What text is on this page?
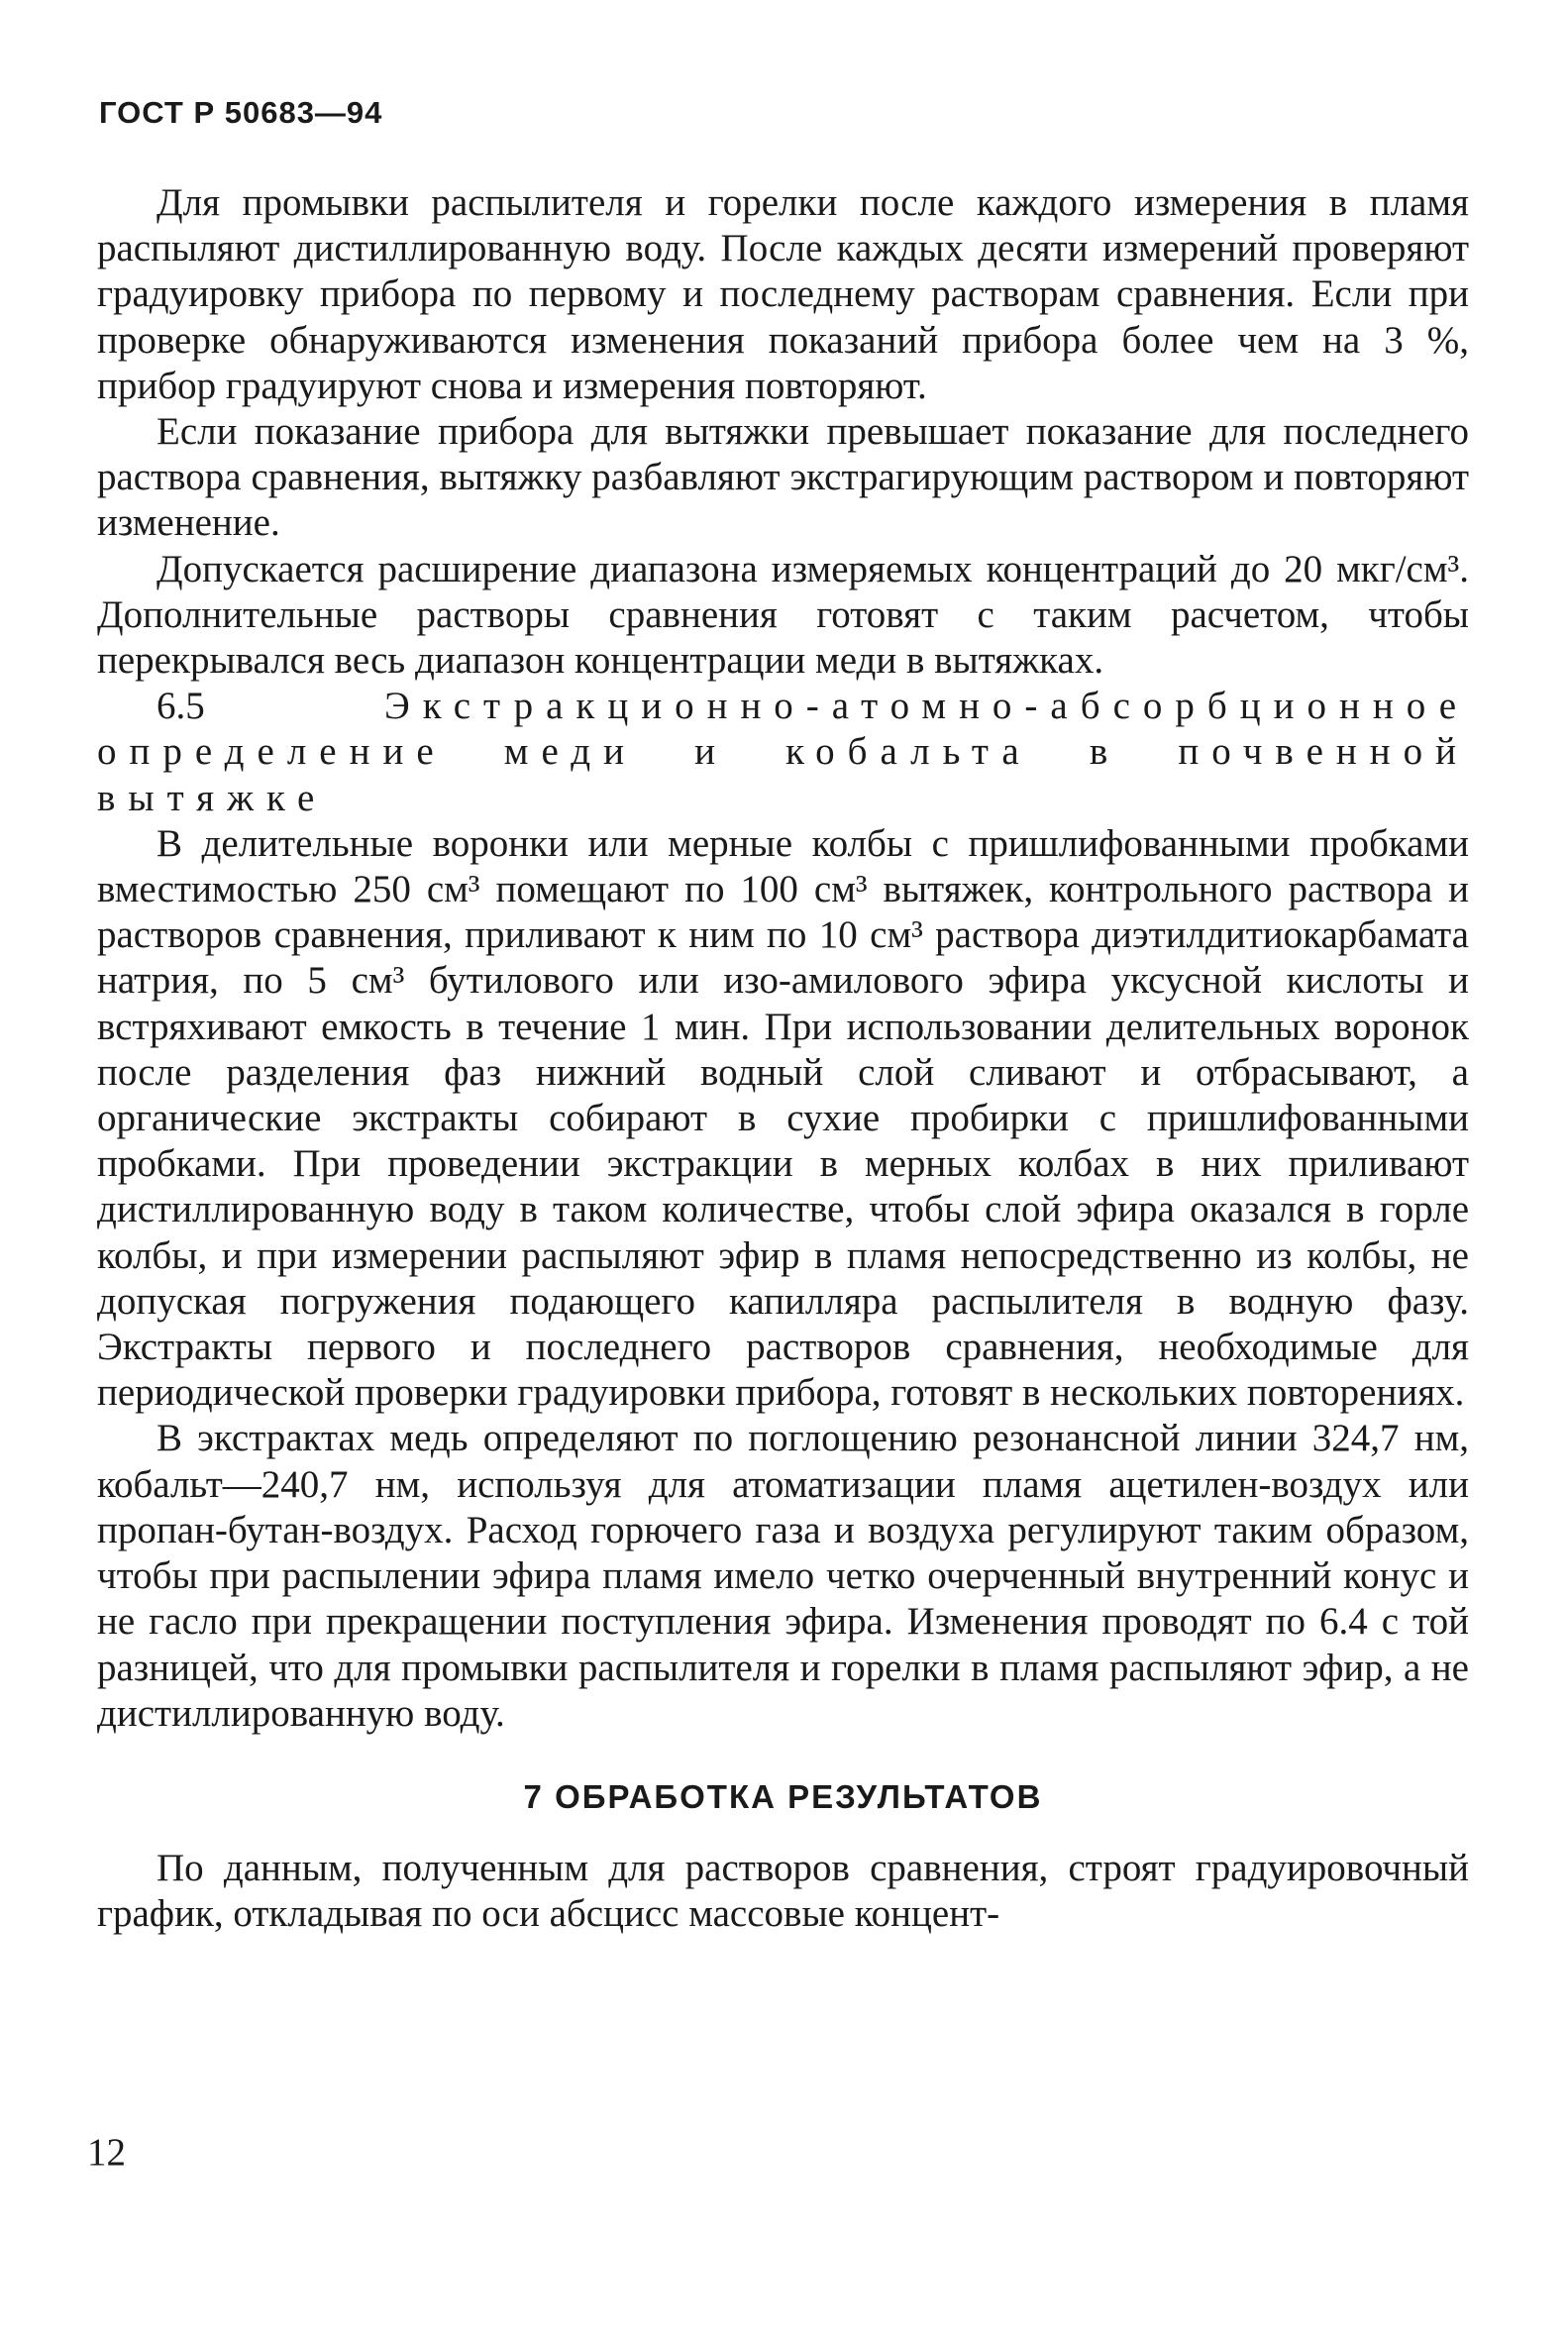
ГОСТ Р 50683—94

Для промывки распылителя и горелки после каждого измерения в пламя распыляют дистиллированную воду. После каждых десяти измерений проверяют градуировку прибора по первому и последнему растворам сравнения. Если при проверке обнаруживаются изменения показаний прибора более чем на 3 %, прибор градуируют снова и измерения повторяют.

Если показание прибора для вытяжки превышает показание для последнего раствора сравнения, вытяжку разбавляют экстрагирующим раствором и повторяют изменение.

Допускается расширение диапазона измеряемых концентраций до 20 мкг/см³. Дополнительные растворы сравнения готовят с таким расчетом, чтобы перекрывался весь диапазон концентрации меди в вытяжках.

6.5	Экстракционно-атомно-абсорбционное определение меди и кобальта в почвенной вытяжке

В делительные воронки или мерные колбы с пришлифованными пробками вместимостью 250 см³ помещают по 100 см³ вытяжек, контрольного раствора и растворов сравнения, приливают к ним по 10 см³ раствора диэтилдитиокарбамата натрия, по 5 см³ бутилового или изо-амилового эфира уксусной кислоты и встряхивают емкость в течение 1 мин. При использовании делительных воронок после разделения фаз нижний водный слой сливают и отбрасывают, а органические экстракты собирают в сухие пробирки с пришлифованными пробками. При проведении экстракции в мерных колбах в них приливают дистиллированную воду в таком количестве, чтобы слой эфира оказался в горле колбы, и при измерении распыляют эфир в пламя непосредственно из колбы, не допуская погружения подающего капилляра распылителя в водную фазу. Экстракты первого и последнего растворов сравнения, необходимые для периодической проверки градуировки прибора, готовят в нескольких повторениях.

В экстрактах медь определяют по поглощению резонансной линии 324,7 нм, кобальт—240,7 нм, используя для атоматизации пламя ацетилен-воздух или пропан-бутан-воздух. Расход горючего газа и воздуха регулируют таким образом, чтобы при распылении эфира пламя имело четко очерченный внутренний конус и не гасло при прекращении поступления эфира. Изменения проводят по 6.4 с той разницей, что для промывки распылителя и горелки в пламя распыляют эфир, а не дистиллированную воду.

7 ОБРАБОТКА РЕЗУЛЬТАТОВ

По данным, полученным для растворов сравнения, строят градуировочный график, откладывая по оси абсцисс массовые концент-

12
